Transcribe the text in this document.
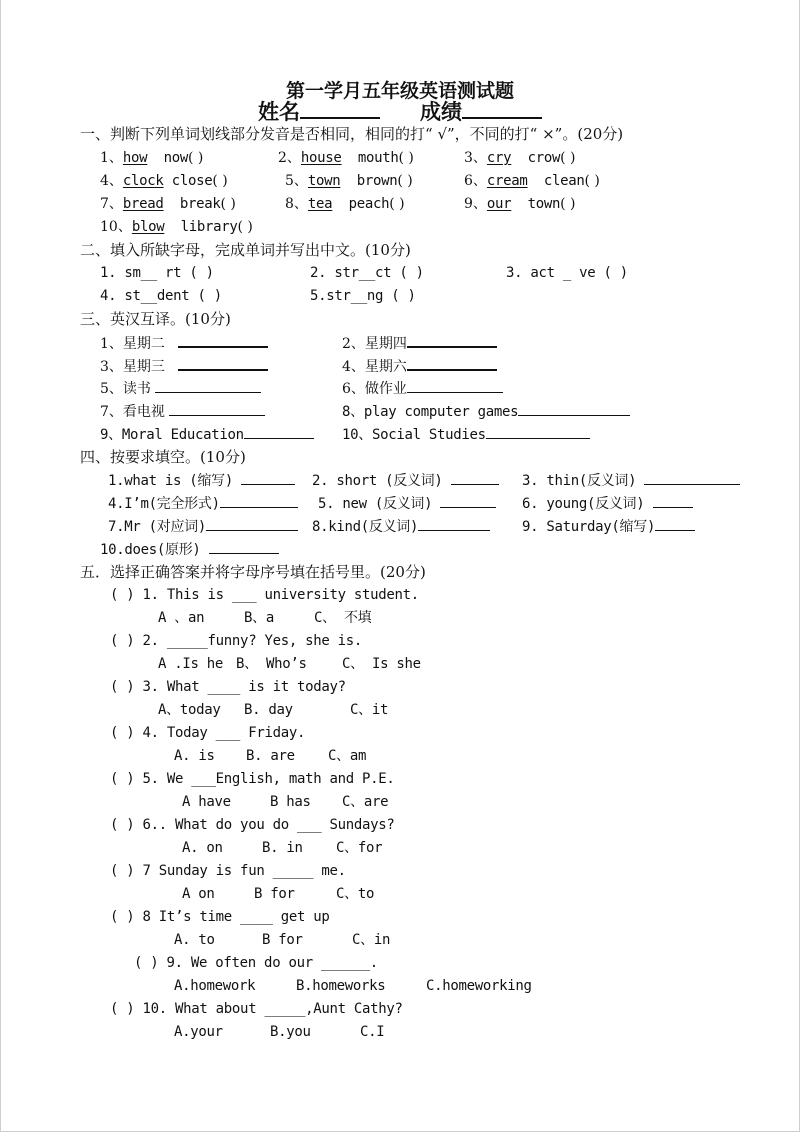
第一学月五年级英语测试题
姓名	成绩
一、判断下列单词划线部分发音是否相同，相同的打“ √”，不同的打“ ×”。(20分)
1、how now( )	2、house mouth( )	3、cry crow( )
4、clock close( )	5、town brown( )	6、cream clean( )
7、bread break( )	8、tea peach( )	9、our town( )
10、blow library( )
二、填入所缺字母，完成单词并写出中文。(10分)
1. sm__ rt ( )	2. str__ct ( )	3. act _ ve ( )
4. st__dent ( )	5.str__ng ( )
三、英汉互译。(10分)
1、星期二	2、星期四
3、星期三	4、星期六
5、读书	6、做作业
7、看电视	8、play computer games
9、Moral Education	10、Social Studies
四、按要求填空。(10分)
1.what is (缩写)	2. short (反义词)	3. thin(反义词)
4.I’m(完全形式)	5. new (反义词)	6. young(反义词)
7.Mr (对应词)	8.kind(反义词)	9. Saturday(缩写)
10.does(原形)
五．选择正确答案并将字母序号填在括号里。(20分)
( ) 1. This is ___ university student.
A 、an	B、a	C、 不填
( ) 2. _____funny? Yes, she is.
A .Is he B、 Who’s	C、 Is she
( ) 3. What ____ is it today?
A、today B. day	C、it
( ) 4. Today ___ Friday.
A. is B. are C、am
( ) 5. We ___English, math and P.E.
A have	B has C、are
( ) 6.. What do you do ___ Sundays?
A. on	B. in C、for
( ) 7 Sunday is fun _____ me.
A on	B for	C、to
( ) 8 It’s time ____ get up
A. to	B for	C、in
( ) 9. We often do our ______.
A.homework	B.homeworks	C.homeworking
( ) 10. What about _____,Aunt Cathy?
A.your	B.you	C.I
